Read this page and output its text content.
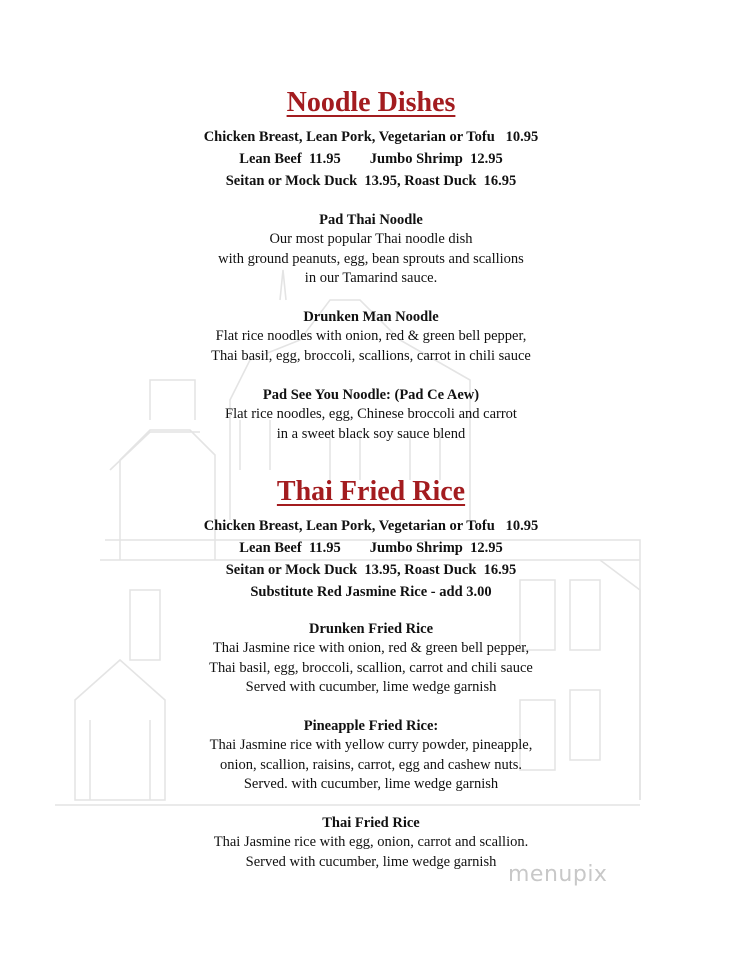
Noodle Dishes

Chicken Breast, Lean Pork, Vegetarian or Tofu   10.95

Lean Beef  11.95        Jumbo Shrimp  12.95

Seitan or Mock Duck  13.95, Roast Duck  16.95

Pad Thai Noodle

Our most popular Thai noodle dish

with ground peanuts, egg, bean sprouts and scallions

in our Tamarind sauce.

Drunken Man Noodle

Flat rice noodles with onion, red & green bell pepper,

Thai basil, egg, broccoli, scallions, carrot in chili sauce

Pad See You Noodle: (Pad Ce Aew)

Flat rice noodles, egg, Chinese broccoli and carrot

in a sweet black soy sauce blend

Thai Fried Rice

Chicken Breast, Lean Pork, Vegetarian or Tofu   10.95

Lean Beef  11.95        Jumbo Shrimp  12.95

Seitan or Mock Duck  13.95, Roast Duck  16.95

Substitute Red Jasmine Rice - add 3.00

Drunken Fried Rice

Thai Jasmine rice with onion, red & green bell pepper,

Thai basil, egg, broccoli, scallion, carrot and chili sauce

Served with cucumber, lime wedge garnish

Pineapple Fried Rice:

Thai Jasmine rice with yellow curry powder, pineapple,

onion, scallion, raisins, carrot, egg and cashew nuts.

Served. with cucumber, lime wedge garnish

Thai Fried Rice

Thai Jasmine rice with egg, onion, carrot and scallion.

Served with cucumber, lime wedge garnish

menupix
